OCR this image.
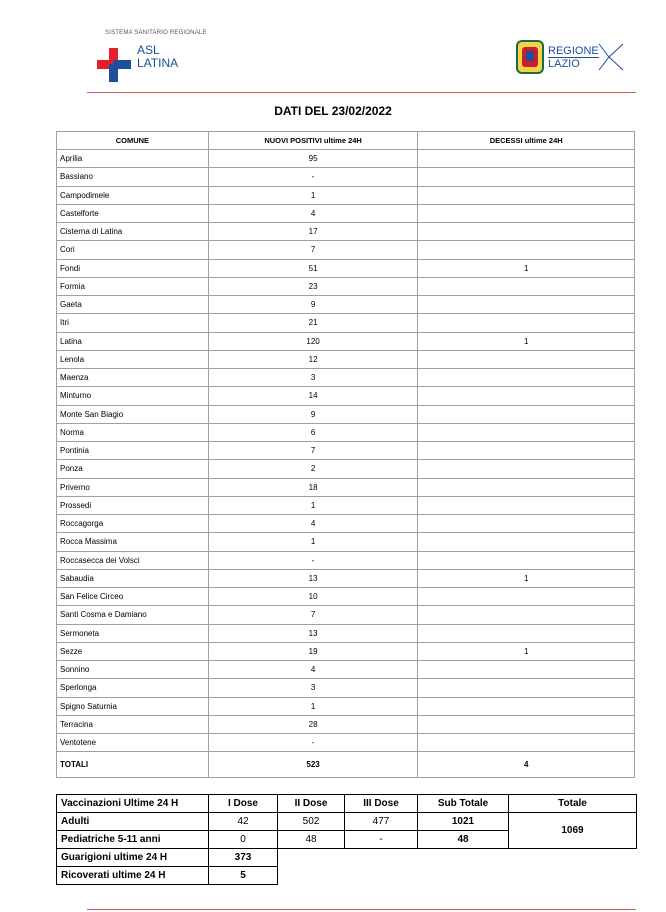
SISTEMA SANITARIO REGIONALE
ASL
LATINA
REGIONE
LAZIO
DATI DEL 23/02/2022
COMUNE	NUOVI POSITIVI ultime 24H	DECESSI ultime 24H
Aprilia	95	
Bassiano	-	
Campodimele	1	
Castelforte	4	
Cisterna di Latina	17	
Cori	7	
Fondi	51	1
Formia	23	
Gaeta	9	
Itri	21	
Latina	120	1
Lenola	12	
Maenza	3	
Minturno	14	
Monte San Biagio	9	
Norma	6	
Pontinia	7	
Ponza	2	
Priverno	18	
Prossedi	1	
Roccagorga	4	
Rocca Massima	1	
Roccasecca dei Volsci	-	
Sabaudia	13	1
San Felice Circeo	10	
Santi Cosma e Damiano	7	
Sermoneta	13	
Sezze	19	1
Sonnino	4	
Sperlonga	3	
Spigno Saturnia	1	
Terracina	28	
Ventotene	-	
TOTALI	523	4
Vaccinazioni Ultime 24 H	I Dose	II Dose	III Dose	Sub Totale	Totale
Adulti	42	502	477	1021	1069
Pediatriche 5-11 anni	0	48	-	48	
Guarigioni ultime 24 H	373				
Ricoverati ultime 24 H	5				
